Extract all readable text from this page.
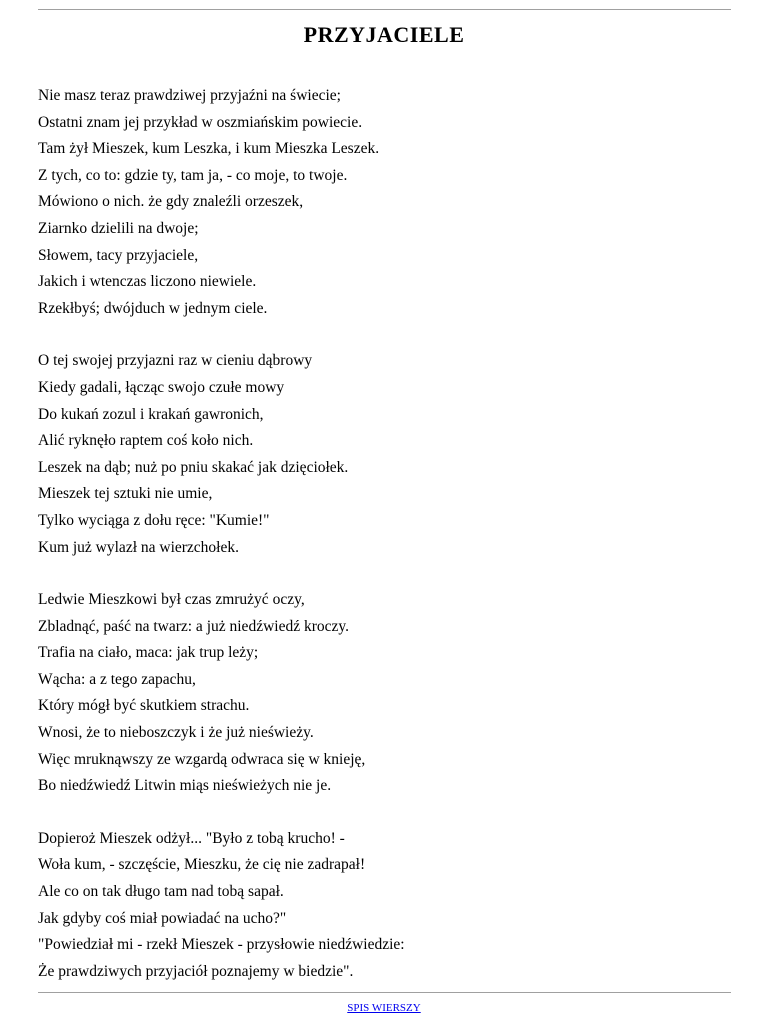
PRZYJACIELE
Nie masz teraz prawdziwej przyjaźni na świecie;
Ostatni znam jej przykład w oszmiańskim powiecie.
Tam żył Mieszek, kum Leszka, i kum Mieszka Leszek.
Z tych, co to: gdzie ty, tam ja, - co moje, to twoje.
Mówiono o nich. że gdy znaleźli orzeszek,
Ziarnko dzielili na dwoje;
Słowem, tacy przyjaciele,
Jakich i wtenczas liczono niewiele.
Rzekłbyś; dwójduch w jednym ciele.
O tej swojej przyjazni raz w cieniu dąbrowy
Kiedy gadali, łącząc swojo czułe mowy
Do kukań zozul i krakań gawronich,
Alić ryknęło raptem coś koło nich.
Leszek na dąb; nuż po pniu skakać jak dzięciołek.
Mieszek tej sztuki nie umie,
Tylko wyciąga z dołu ręce: "Kumie!"
Kum już wylazł na wierzchołek.
Ledwie Mieszkowi był czas zmrużyć oczy,
Zbladnąć, paść na twarz: a już niedźwiedź kroczy.
Trafia na ciało, maca: jak trup leży;
Wącha: a z tego zapachu,
Który mógł być skutkiem strachu.
Wnosi, że to nieboszczyk i że już nieświeży.
Więc mruknąwszy ze wzgardą odwraca się w knieję,
Bo niedźwiedź Litwin miąs nieświeżych nie je.
Dopieroż Mieszek odżył... "Było z tobą krucho! -
Woła kum, - szczęście, Mieszku, że cię nie zadrapał!
Ale co on tak długo tam nad tobą sapał.
Jak gdyby coś miał powiadać na ucho?"
"Powiedział mi - rzekł Mieszek - przysłowie niedźwiedzie:
Że prawdziwych przyjaciół poznajemy w biedzie".
SPIS WIERSZY
